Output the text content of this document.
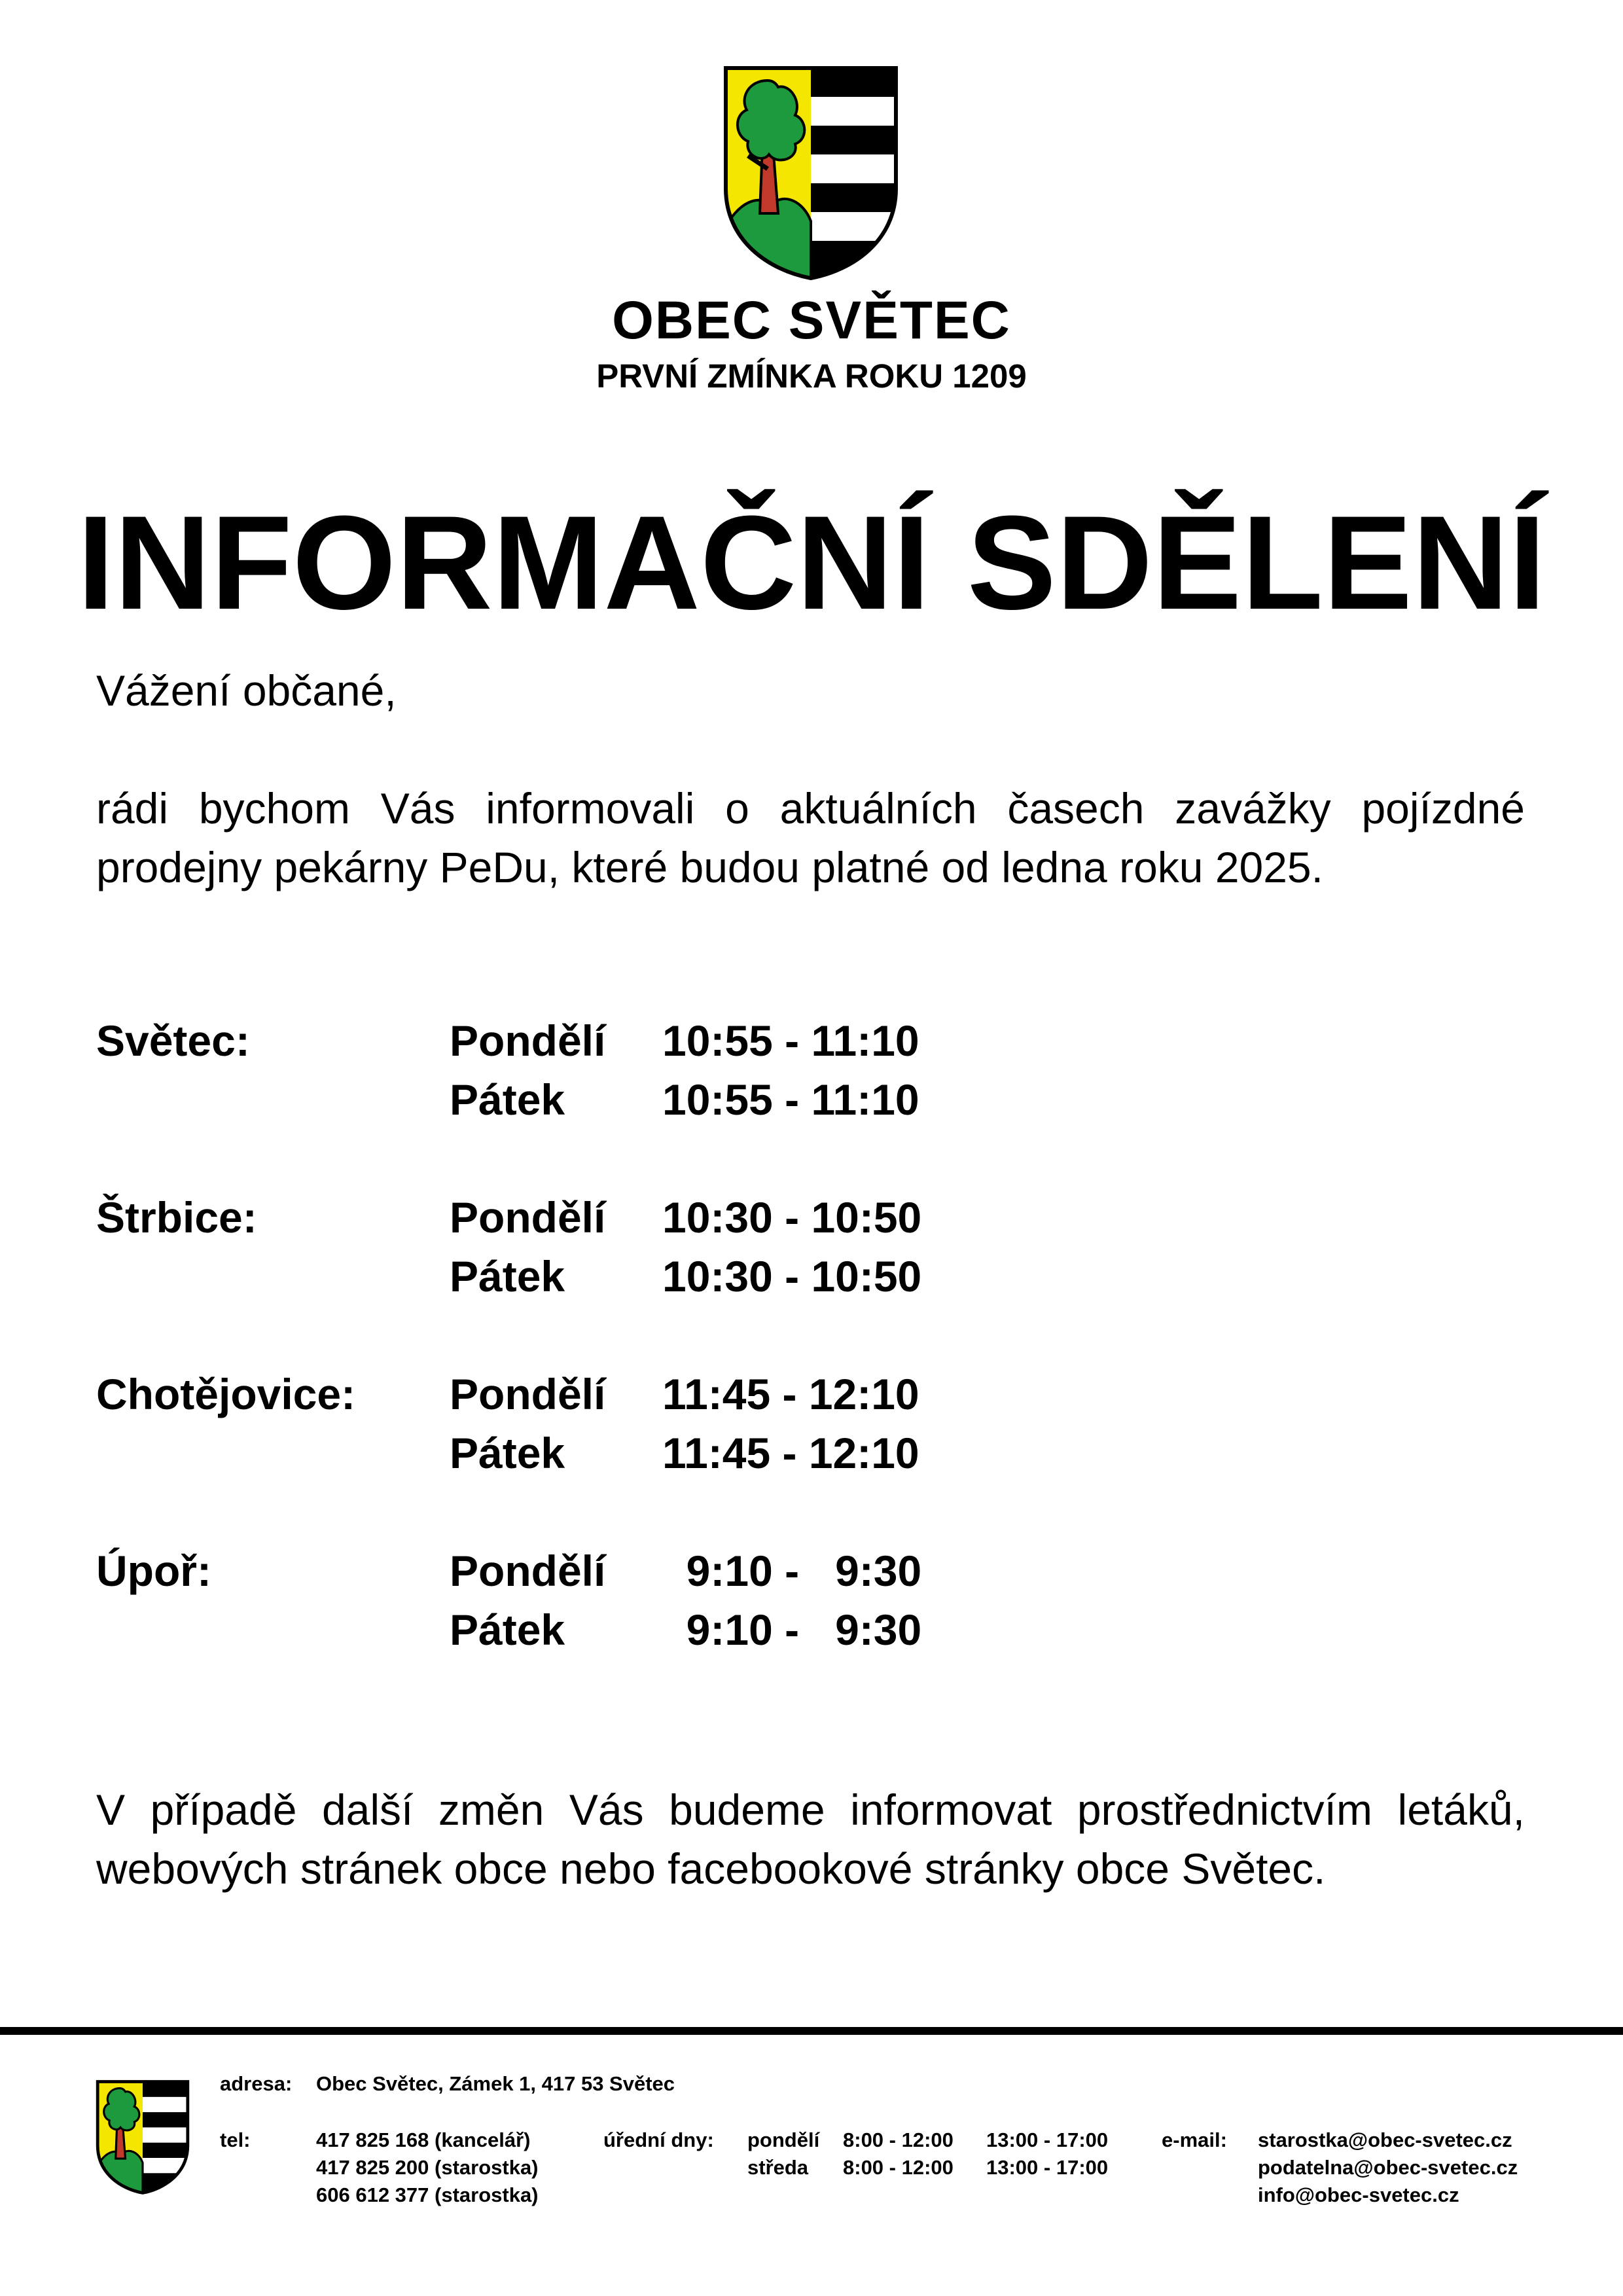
OBEC SVĚTEC
PRVNÍ ZMÍNKA ROKU 1209
INFORMAČNÍ SDĚLENÍ
Vážení občané,
rádi bychom Vás informovali o aktuálních časech zavážky pojízdné prodejny pekárny PeDu, které budou platné od ledna roku 2025.
Světec:	Pondělí	10:55 - 11:10
Pátek	10:55 - 11:10
Štrbice:	Pondělí	10:30 - 10:50
Pátek	10:30 - 10:50
Chotějovice:	Pondělí	11:45 - 12:10
Pátek	11:45 - 12:10
Úpoř:	Pondělí	9:10 -   9:30
Pátek	9:10 -   9:30
V případě další změn Vás budeme informovat prostřednictvím letáků, webových stránek obce nebo facebookové stránky obce Světec.
adresa: Obec Světec, Zámek 1, 417 53 Světec
tel:	417 825 168 (kancelář)
417 825 200 (starostka)
606 612 377 (starostka)
úřední dny: pondělí 8:00 - 12:00 13:00 - 17:00
středa 8:00 - 12:00 13:00 - 17:00
e-mail: starostka@obec-svetec.cz
podatelna@obec-svetec.cz
info@obec-svetec.cz
